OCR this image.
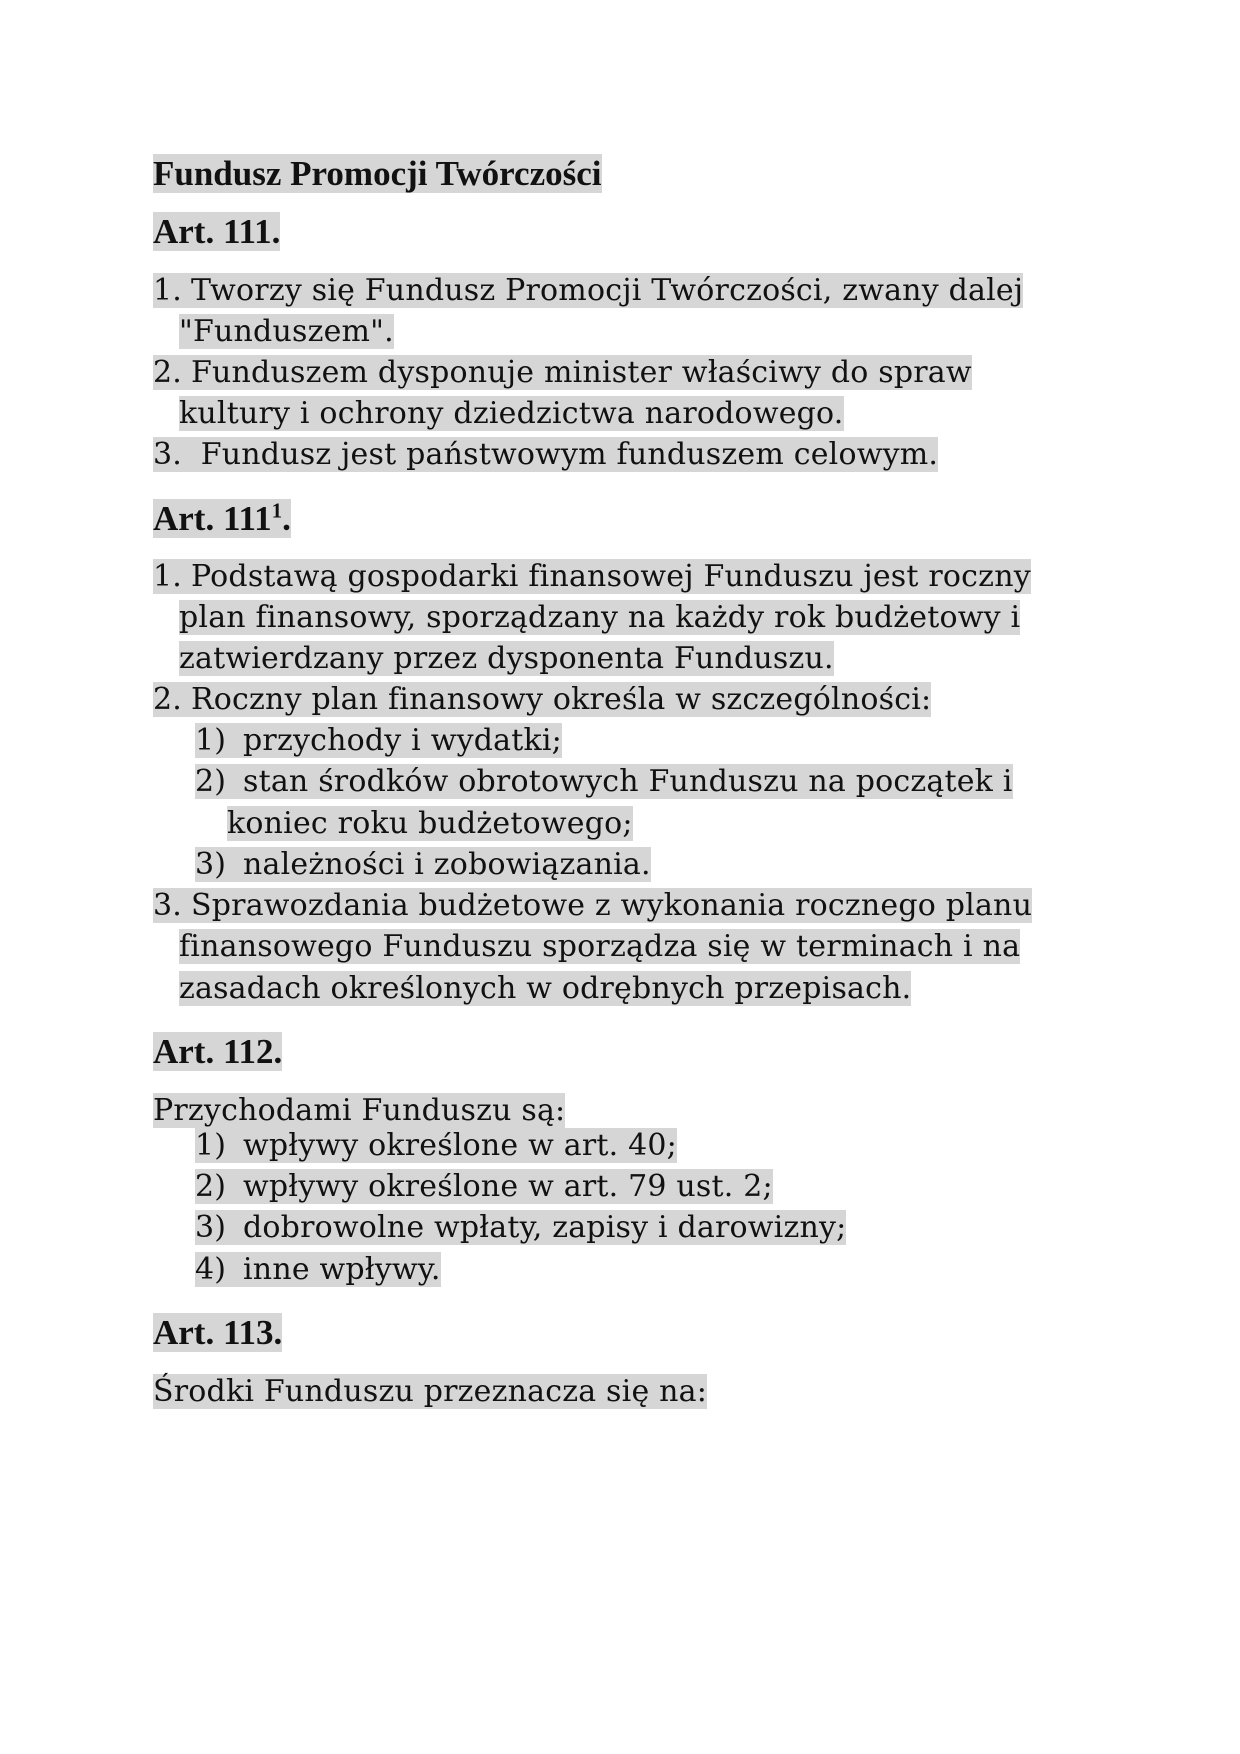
Fundusz Promocji Twórczości
Art. 111.
1. Tworzy się Fundusz Promocji Twórczości, zwany dalej
"Funduszem".
2. Funduszem dysponuje minister właściwy do spraw
kultury i ochrony dziedzictwa narodowego.
3. Fundusz jest państwowym funduszem celowym.
Art. $111^1$.
1. Podstawą gospodarki finansowej Funduszu jest roczny
plan finansowy, sporządzany na każdy rok budżetowy i
zatwierdzany przez dysponenta Funduszu.
2. Roczny plan finansowy określa w szczególności:
1) przychody i wydatki;
2) stan środków obrotowych Funduszu na początek i
koniec roku budżetowego;
3) należności i zobowiązania.
3. Sprawozdania budżetowe z wykonania rocznego planu
finansowego Funduszu sporządza się w terminach i na
zasadach określonych w odrębnych przepisach.
Art. 112.
Przychodami Funduszu są:
1) wpływy określone w art. 40;
2) wpływy określone w art. 79 ust. 2;
3) dobrowolne wpłaty, zapisy i darowizny;
4) inne wpływy.
Art. 113.
Środki Funduszu przeznacza się na:
